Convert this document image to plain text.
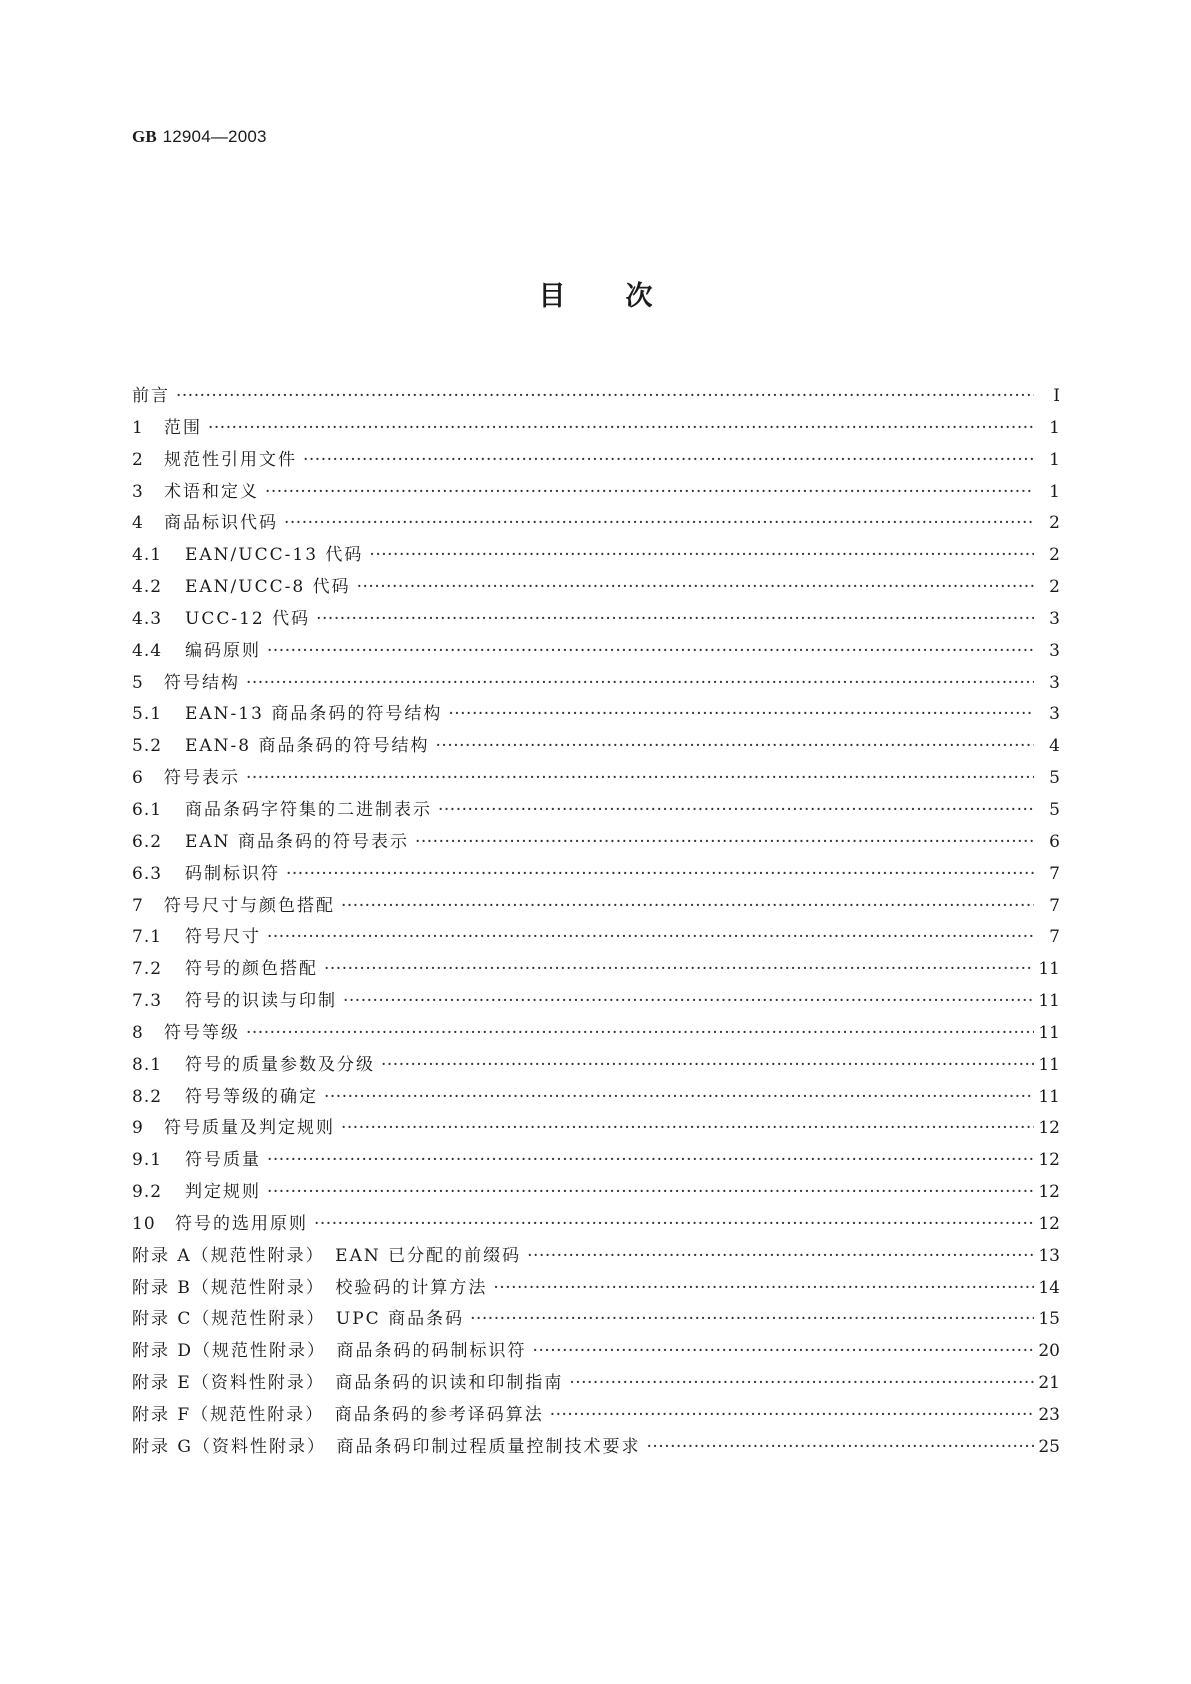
GB 12904—2003
目次
前言 ·····	I
1	范围 ·····	1
2	规范性引用文件 ·····	1
3	术语和定义 ·····	1
4	商品标识代码 ·····	2
4.1	EAN/UCC-13 代码 ·····	2
4.2	EAN/UCC-8 代码 ·····	2
4.3	UCC-12 代码 ·····	3
4.4	编码原则 ·····	3
5	符号结构 ·····	3
5.1	EAN-13 商品条码的符号结构 ·····	3
5.2	EAN-8 商品条码的符号结构 ·····	4
6	符号表示 ·····	5
6.1	商品条码字符集的二进制表示 ·····	5
6.2	EAN 商品条码的符号表示 ·····	6
6.3	码制标识符 ·····	7
7	符号尺寸与颜色搭配 ·····	7
7.1	符号尺寸 ·····	7
7.2	符号的颜色搭配 ·····	11
7.3	符号的识读与印制 ·····	11
8	符号等级 ·····	11
8.1	符号的质量参数及分级 ·····	11
8.2	符号等级的确定 ·····	11
9	符号质量及判定规则 ·····	12
9.1	符号质量 ·····	12
9.2	判定规则 ·····	12
10	符号的选用原则 ·····	12
附录 A（规范性附录）　EAN 已分配的前缀码 ·····	13
附录 B（规范性附录）　校验码的计算方法 ·····	14
附录 C（规范性附录）　UPC 商品条码 ·····	15
附录 D（规范性附录）　商品条码的码制标识符 ·····	20
附录 E（资料性附录）　商品条码的识读和印制指南 ·····	21
附录 F（规范性附录）　商品条码的参考译码算法 ·····	23
附录 G（资料性附录）　商品条码印制过程质量控制技术要求 ·····	25
